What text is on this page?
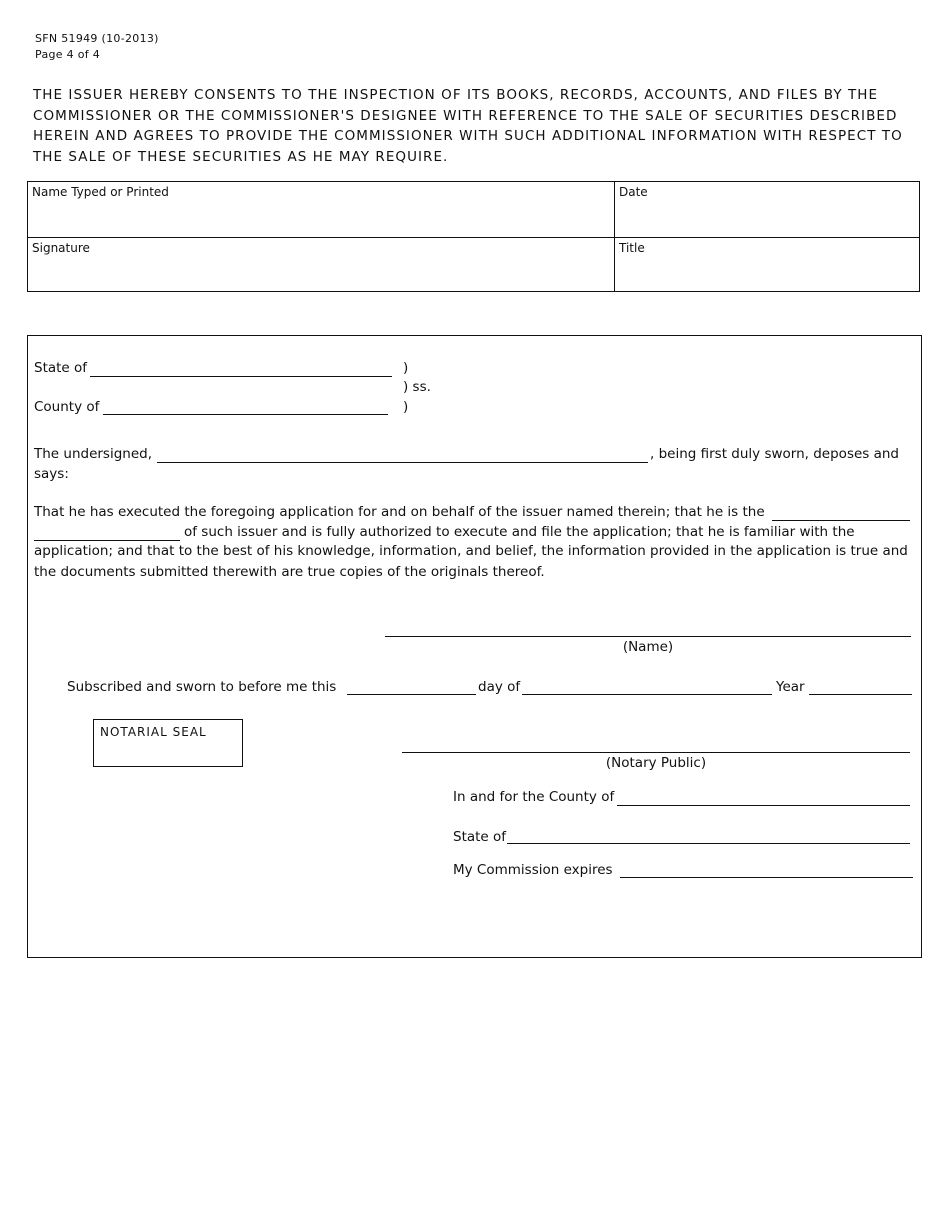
SFN 51949 (10-2013)
Page 4 of 4
THE ISSUER HEREBY CONSENTS TO THE INSPECTION OF ITS BOOKS, RECORDS, ACCOUNTS, AND FILES BY THE COMMISSIONER OR THE COMMISSIONER'S DESIGNEE WITH REFERENCE TO THE SALE OF SECURITIES DESCRIBED HEREIN AND AGREES TO PROVIDE THE COMMISSIONER WITH SUCH ADDITIONAL INFORMATION WITH RESPECT TO THE SALE OF THESE SECURITIES AS HE MAY REQUIRE.
Name Typed or Printed	Date
Signature	Title
State of	)
) ss.
County of	)
The undersigned,	, being first duly sworn, deposes and
says:
That he has executed the foregoing application for and on behalf of the issuer named therein; that he is the
of such issuer and is fully authorized to execute and file the application; that he is familiar with the
application; and that to the best of his knowledge, information, and belief, the information provided in the application is true and the documents submitted therewith are true copies of the originals thereof.
(Name)
Subscribed and sworn to before me this	day of	Year
NOTARIAL SEAL
(Notary Public)
In and for the County of
State of
My Commission expires
